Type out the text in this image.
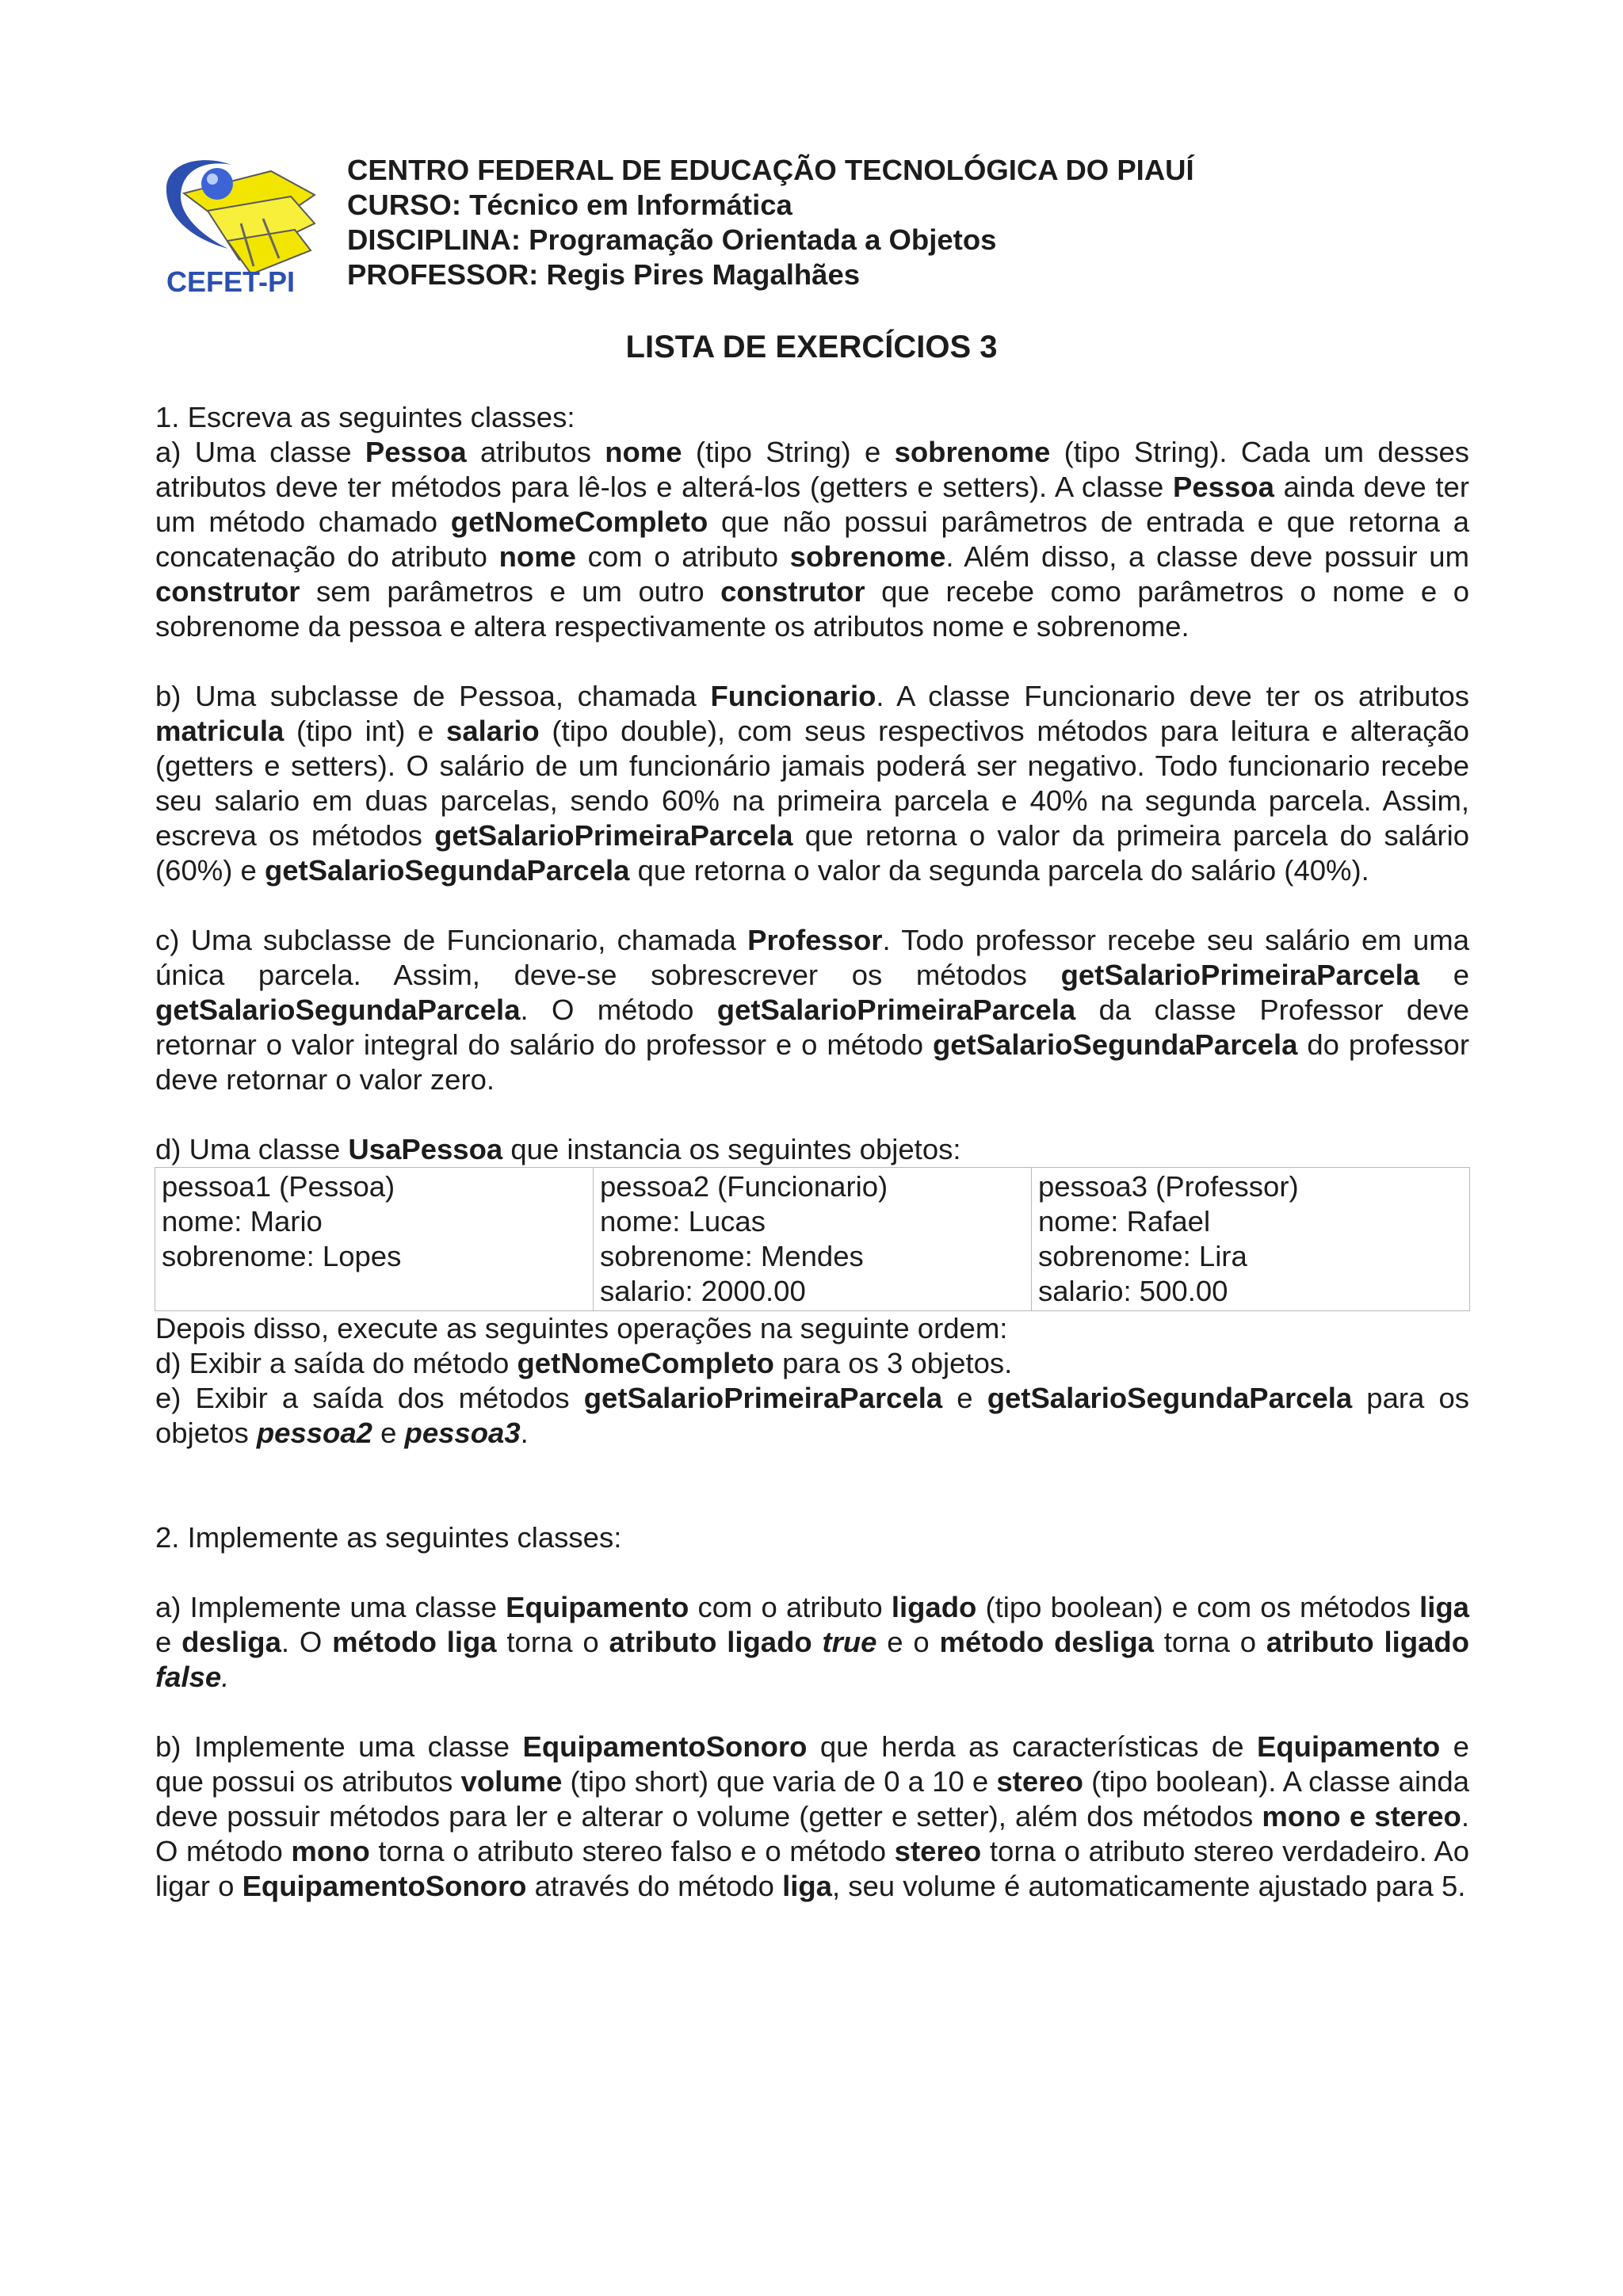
CEFET-PI
CENTRO FEDERAL DE EDUCAÇÃO TECNOLÓGICA DO PIAUÍ
CURSO: Técnico em Informática
DISCIPLINA: Programação Orientada a Objetos
PROFESSOR: Regis Pires Magalhães
LISTA DE EXERCÍCIOS 3

1. Escreva as seguintes classes:

a) Uma classe Pessoa atributos nome (tipo String) e sobrenome (tipo String). Cada um desses atributos deve ter métodos para lê-los e alterá-los (getters e setters). A classe Pessoa ainda deve ter um método chamado getNomeCompleto que não possui parâmetros de entrada e que retorna a concatenação do atributo nome com o atributo sobrenome. Além disso, a classe deve possuir um construtor sem parâmetros e um outro construtor que recebe como parâmetros o nome e o sobrenome da pessoa e altera respectivamente os atributos nome e sobrenome.

b) Uma subclasse de Pessoa, chamada Funcionario. A classe Funcionario deve ter os atributos matricula (tipo int) e salario (tipo double), com seus respectivos métodos para leitura e alteração (getters e setters). O salário de um funcionário jamais poderá ser negativo. Todo funcionario recebe seu salario em duas parcelas, sendo 60% na primeira parcela e 40% na segunda parcela. Assim, escreva os métodos getSalarioPrimeiraParcela que retorna o valor da primeira parcela do salário (60%) e getSalarioSegundaParcela que retorna o valor da segunda parcela do salário (40%).

c) Uma subclasse de Funcionario, chamada Professor. Todo professor recebe seu salário em uma única parcela. Assim, deve-se sobrescrever os métodos getSalarioPrimeiraParcela e getSalarioSegundaParcela. O método getSalarioPrimeiraParcela da classe Professor deve retornar o valor integral do salário do professor e o método getSalarioSegundaParcela do professor deve retornar o valor zero.

d) Uma classe UsaPessoa que instancia os seguintes objetos:

pessoa1 (Pessoa)
nome: Mario
sobrenome: Lopes

pessoa2 (Funcionario)
nome: Lucas
sobrenome: Mendes
salario: 2000.00

pessoa3 (Professor)
nome: Rafael
sobrenome: Lira
salario: 500.00

Depois disso, execute as seguintes operações na seguinte ordem:

d) Exibir a saída do método getNomeCompleto para os 3 objetos.

e) Exibir a saída dos métodos getSalarioPrimeiraParcela e getSalarioSegundaParcela para os objetos pessoa2 e pessoa3.

2. Implemente as seguintes classes:

a) Implemente uma classe Equipamento com o atributo ligado (tipo boolean) e com os métodos liga e desliga. O método liga torna o atributo ligado true e o método desliga torna o atributo ligado false.

b) Implemente uma classe EquipamentoSonoro que herda as características de Equipamento e que possui os atributos volume (tipo short) que varia de 0 a 10 e stereo (tipo boolean). A classe ainda deve possuir métodos para ler e alterar o volume (getter e setter), além dos métodos mono e stereo. O método mono torna o atributo stereo falso e o método stereo torna o atributo stereo verdadeiro. Ao ligar o EquipamentoSonoro através do método liga, seu volume é automaticamente ajustado para 5.
